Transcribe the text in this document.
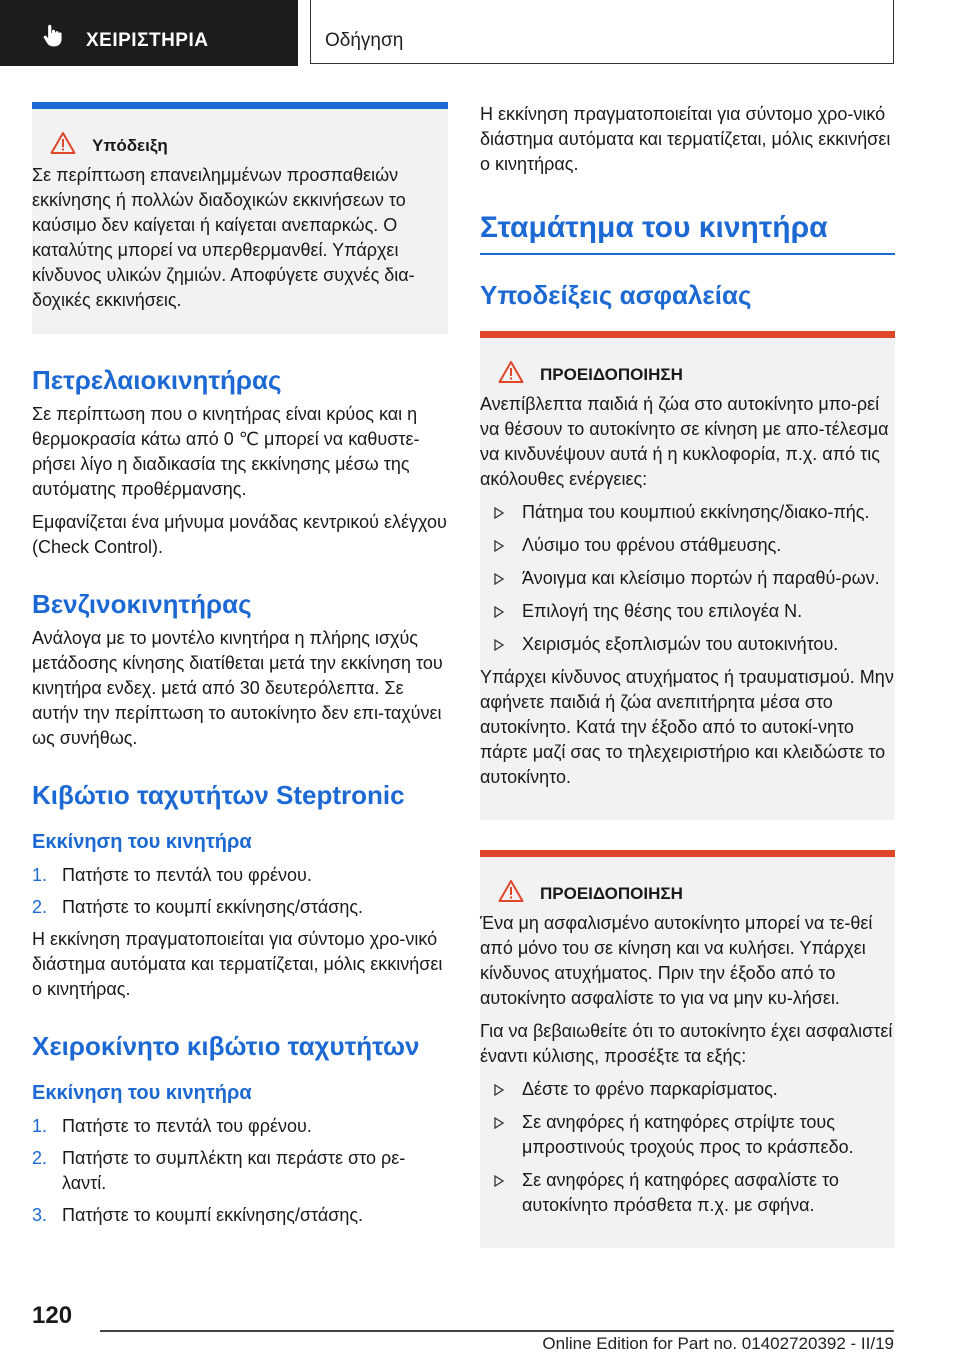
ΧΕΙΡΙΣΤΗΡΙΑ	Οδήγηση
Υπόδειξη

Σε περίπτωση επανειλημμένων προσπαθειών εκκίνησης ή πολλών διαδοχικών εκκινήσεων το καύσιμο δεν καίγεται ή καίγεται ανεπαρκώς. Ο καταλύτης μπορεί να υπερθερμανθεί. Υπάρχει κίνδυνος υλικών ζημιών. Αποφύγετε συχνές δια-δοχικές εκκινήσεις.

Πετρελαιοκινητήρας

Σε περίπτωση που ο κινητήρας είναι κρύος και η θερμοκρασία κάτω από 0 ℃ μπορεί να καθυστε-ρήσει λίγο η διαδικασία της εκκίνησης μέσω της αυτόματης προθέρμανσης.

Εμφανίζεται ένα μήνυμα μονάδας κεντρικού ελέγχου (Check Control).

Βενζινοκινητήρας

Ανάλογα με το μοντέλο κινητήρα η πλήρης ισχύς μετάδοσης κίνησης διατίθεται μετά την εκκίνηση του κινητήρα ενδεχ. μετά από 30 δευτερόλεπτα. Σε αυτήν την περίπτωση το αυτοκίνητο δεν επι-ταχύνει ως συνήθως.

Κιβώτιο ταχυτήτων Steptronic
Εκκίνηση του κινητήρα
1. Πατήστε το πεντάλ του φρένου.
2. Πατήστε το κουμπί εκκίνησης/στάσης.

Η εκκίνηση πραγματοποιείται για σύντομο χρο-νικό διάστημα αυτόματα και τερματίζεται, μόλις εκκινήσει ο κινητήρας.

Χειροκίνητο κιβώτιο ταχυτήτων
Εκκίνηση του κινητήρα
1. Πατήστε το πεντάλ του φρένου.
2. Πατήστε το συμπλέκτη και περάστε στο ρε-λαντί.
3. Πατήστε το κουμπί εκκίνησης/στάσης.

Η εκκίνηση πραγματοποιείται για σύντομο χρο-νικό διάστημα αυτόματα και τερματίζεται, μόλις εκκινήσει ο κινητήρας.

Σταμάτημα του κινητήρα
Υποδείξεις ασφαλείας
ΠΡΟΕΙΔΟΠΟΙΗΣΗ

Ανεπίβλεπτα παιδιά ή ζώα στο αυτοκίνητο μπο-ρεί να θέσουν το αυτοκίνητο σε κίνηση με απο-τέλεσμα να κινδυνέψουν αυτά ή η κυκλοφορία, π.χ. από τις ακόλουθες ενέργειες:

Πάτημα του κουμπιού εκκίνησης/διακο-πής.
Λύσιμο του φρένου στάθμευσης.
Άνοιγμα και κλείσιμο πορτών ή παραθύ-ρων.
Επιλογή της θέσης του επιλογέα N.
Χειρισμός εξοπλισμών του αυτοκινήτου.

Υπάρχει κίνδυνος ατυχήματος ή τραυματισμού. Μην αφήνετε παιδιά ή ζώα ανεπιτήρητα μέσα στο αυτοκίνητο. Κατά την έξοδο από το αυτοκί-νητο πάρτε μαζί σας το τηλεχειριστήριο και κλειδώστε το αυτοκίνητο.

ΠΡΟΕΙΔΟΠΟΙΗΣΗ

Ένα μη ασφαλισμένο αυτοκίνητο μπορεί να τε-θεί από μόνο του σε κίνηση και να κυλήσει. Υπάρχει κίνδυνος ατυχήματος. Πριν την έξοδο από το αυτοκίνητο ασφαλίστε το για να μην κυ-λήσει.

Για να βεβαιωθείτε ότι το αυτοκίνητο έχει ασφαλιστεί έναντι κύλισης, προσέξτε τα εξής:

Δέστε το φρένο παρκαρίσματος.
Σε ανηφόρες ή κατηφόρες στρίψτε τους μπροστινούς τροχούς προς το κράσπεδο.
Σε ανηφόρες ή κατηφόρες ασφαλίστε το αυτοκίνητο πρόσθετα π.χ. με σφήνα.
120
Online Edition for Part no. 01402720392 - II/19
